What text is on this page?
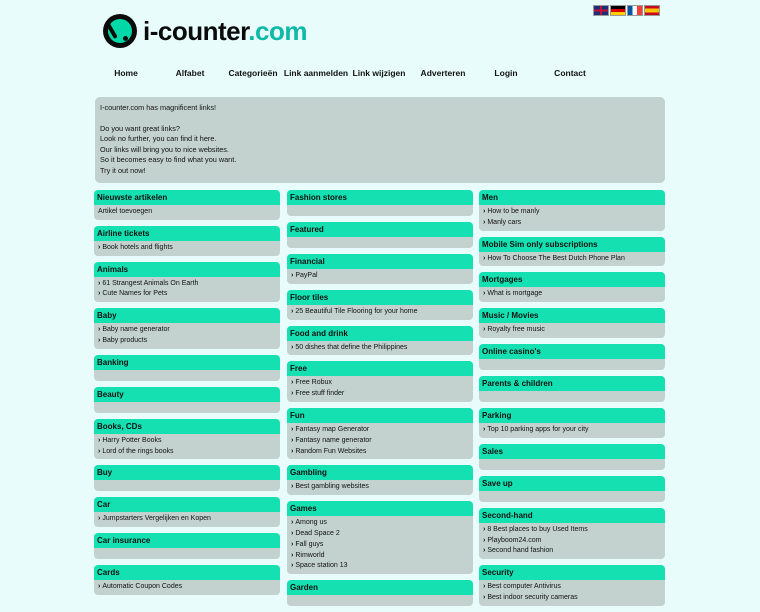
i-counter.com
Home	Alfabet	Categorieën Link aanmelden Link wijzigen Adverteren	Login	Contact

I-counter.com has magnificent links!

Do you want great links?

Look no further, you can find it here.

Our links will bring you to nice websites.

So it becomes easy to find what you want.

Try it out now!

Nieuwste artikelen
Artikel toevoegen
Airline tickets
› Book hotels and flights
Animals
› 61 Strangest Animals On Earth
› Cute Names for Pets
Baby
› Baby name generator
› Baby products
Banking
Beauty
Books, CDs
› Harry Potter Books
› Lord of the rings books
Buy
Car
› Jumpstarters Vergelijken en Kopen
Car insurance
Cards
› Automatic Coupon Codes
Fashion stores
Featured
Financial
› PayPal
Floor tiles
› 25 Beautiful Tile Flooring for your home
Food and drink
› 50 dishes that define the Philippines
Free
› Free Robux
› Free stuff finder
Fun
› Fantasy map Generator
› Fantasy name generator
› Random Fun Websites
Gambling
› Best gambling websites
Games
› Among us
› Dead Space 2
› Fall guys
› Rimworld
› Space station 13
Garden
Men
› How to be manly
› Manly cars
Mobile Sim only subscriptions
› How To Choose The Best Dutch Phone Plan
Mortgages
› What is mortgage
Music / Movies
› Royalty free music
Online casino's
Parents & children
Parking
› Top 10 parking apps for your city
Sales
Save up
Second-hand
› 8 Best places to buy Used Items
› Playboom24.com
› Second hand fashion
Security
› Best computer Antivirus
› Best indoor security cameras
